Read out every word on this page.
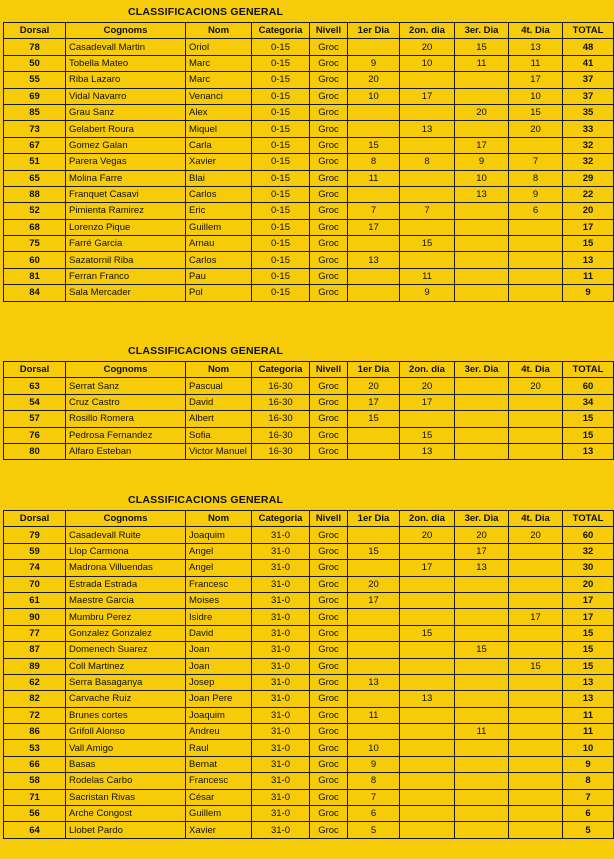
CLASSIFICACIONS GENERAL
Dorsal	Cognoms	Nom	Categoria	Nivell	1er Dia	2on. dia	3er. Dia	4t. Dia	TOTAL
78	Casadevall Martin	Oriol	0-15	Groc		20	15	13	48
50	Tobella Mateo	Marc	0-15	Groc	9	10	11	11	41
55	Riba Lazaro	Marc	0-15	Groc	20			17	37
69	Vidal Navarro	Venanci	0-15	Groc	10	17		10	37
85	Grau Sanz	Alex	0-15	Groc			20	15	35
73	Gelabert Roura	Miquel	0-15	Groc		13		20	33
67	Gomez Galan	Carla	0-15	Groc	15		17		32
51	Parera Vegas	Xavier	0-15	Groc	8	8	9	7	32
65	Molina Farre	Blai	0-15	Groc	11		10	8	29
88	Franquet Casavi	Carlos	0-15	Groc			13	9	22
52	Pimienta Ramirez	Eric	0-15	Groc	7	7		6	20
68	Lorenzo Pique	Guillem	0-15	Groc	17				17
75	Farré Garcia	Arnau	0-15	Groc		15			15
60	Sazatornil Riba	Carlos	0-15	Groc	13				13
81	Ferran Franco	Pau	0-15	Groc		11			11
84	Sala Mercader	Pol	0-15	Groc		9			9
CLASSIFICACIONS GENERAL
Dorsal	Cognoms	Nom	Categoria	Nivell	1er Dia	2on. dia	3er. Dia	4t. Dia	TOTAL
63	Serrat Sanz	Pascual	16-30	Groc	20	20		20	60
54	Cruz Castro	David	16-30	Groc	17	17			34
57	Rosillo Romera	Albert	16-30	Groc	15				15
76	Pedrosa Fernandez	Sofia	16-30	Groc		15			15
80	Alfaro Esteban	Victor Manuel	16-30	Groc		13			13
CLASSIFICACIONS GENERAL
Dorsal	Cognoms	Nom	Categoria	Nivell	1er Dia	2on. dia	3er. Dia	4t. Dia	TOTAL
79	Casadevall Ruite	Joaquim	31-0	Groc		20	20	20	60
59	Llop Carmona	Angel	31-0	Groc	15		17		32
74	Madrona Villuendas	Angel	31-0	Groc		17	13		30
70	Estrada Estrada	Francesc	31-0	Groc	20				20
61	Maestre Garcia	Moises	31-0	Groc	17				17
90	Mumbru Perez	Isidre	31-0	Groc				17	17
77	Gonzalez Gonzalez	David	31-0	Groc		15			15
87	Domenech Suarez	Joan	31-0	Groc			15		15
89	Coll Martinez	Joan	31-0	Groc				15	15
62	Serra Basaganya	Josep	31-0	Groc	13				13
82	Carvache Ruiz	Joan Pere	31-0	Groc		13			13
72	Brunes cortes	Joaquim	31-0	Groc	11				11
86	Grifoll Alonso	Andreu	31-0	Groc			11		11
53	Vall Amigo	Raul	31-0	Groc	10				10
66	Basas	Bernat	31-0	Groc	9				9
58	Rodelas Carbo	Francesc	31-0	Groc	8				8
71	Sacristan Rivas	César	31-0	Groc	7				7
56	Arche Congost	Guillem	31-0	Groc	6				6
64	Llobet Pardo	Xavier	31-0	Groc	5				5
